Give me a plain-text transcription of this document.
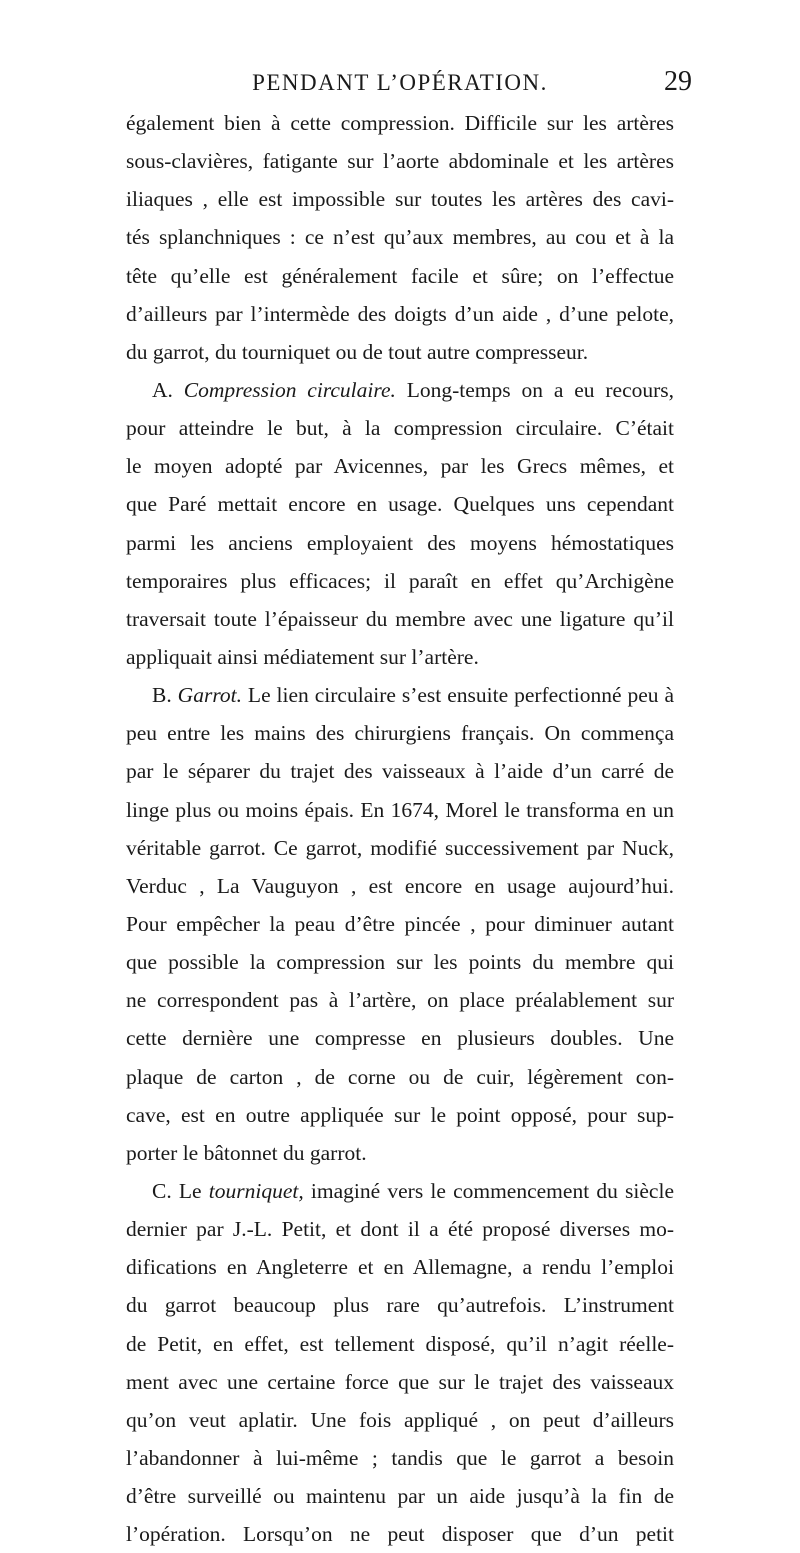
PENDANT L’OPÉRATION.	29
également bien à cette compression. Difficile sur les artères
sous-clavières, fatigante sur l’aorte abdominale et les artères
iliaques , elle est impossible sur toutes les artères des cavi-
tés splanchniques : ce n’est qu’aux membres, au cou et à la
tête qu’elle est généralement facile et sûre; on l’effectue
d’ailleurs par l’intermède des doigts d’un aide , d’une pelote,
du garrot, du tourniquet ou de tout autre compresseur.
A. Compression circulaire. Long-temps on a eu recours,
pour atteindre le but, à la compression circulaire. C’était
le moyen adopté par Avicennes, par les Grecs mêmes, et
que Paré mettait encore en usage. Quelques uns cependant
parmi les anciens employaient des moyens hémostatiques
temporaires plus efficaces; il paraît en effet qu’Archigène
traversait toute l’épaisseur du membre avec une ligature qu’il
appliquait ainsi médiatement sur l’artère.
B. Garrot. Le lien circulaire s’est ensuite perfectionné peu à
peu entre les mains des chirurgiens français. On commença
par le séparer du trajet des vaisseaux à l’aide d’un carré de
linge plus ou moins épais. En 1674, Morel le transforma en un
véritable garrot. Ce garrot, modifié successivement par Nuck,
Verduc , La Vauguyon , est encore en usage aujourd’hui.
Pour empêcher la peau d’être pincée , pour diminuer autant
que possible la compression sur les points du membre qui
ne correspondent pas à l’artère, on place préalablement sur
cette dernière une compresse en plusieurs doubles. Une
plaque de carton , de corne ou de cuir, légèrement con-
cave, est en outre appliquée sur le point opposé, pour sup-
porter le bâtonnet du garrot.
C. Le tourniquet, imaginé vers le commencement du siècle
dernier par J.-L. Petit, et dont il a été proposé diverses mo-
difications en Angleterre et en Allemagne, a rendu l’emploi
du garrot beaucoup plus rare qu’autrefois. L’instrument
de Petit, en effet, est tellement disposé, qu’il n’agit réelle-
ment avec une certaine force que sur le trajet des vaisseaux
qu’on veut aplatir. Une fois appliqué , on peut d’ailleurs
l’abandonner à lui-même ; tandis que le garrot a besoin
d’être surveillé ou maintenu par un aide jusqu’à la fin de
l’opération. Lorsqu’on ne peut disposer que d’un petit
